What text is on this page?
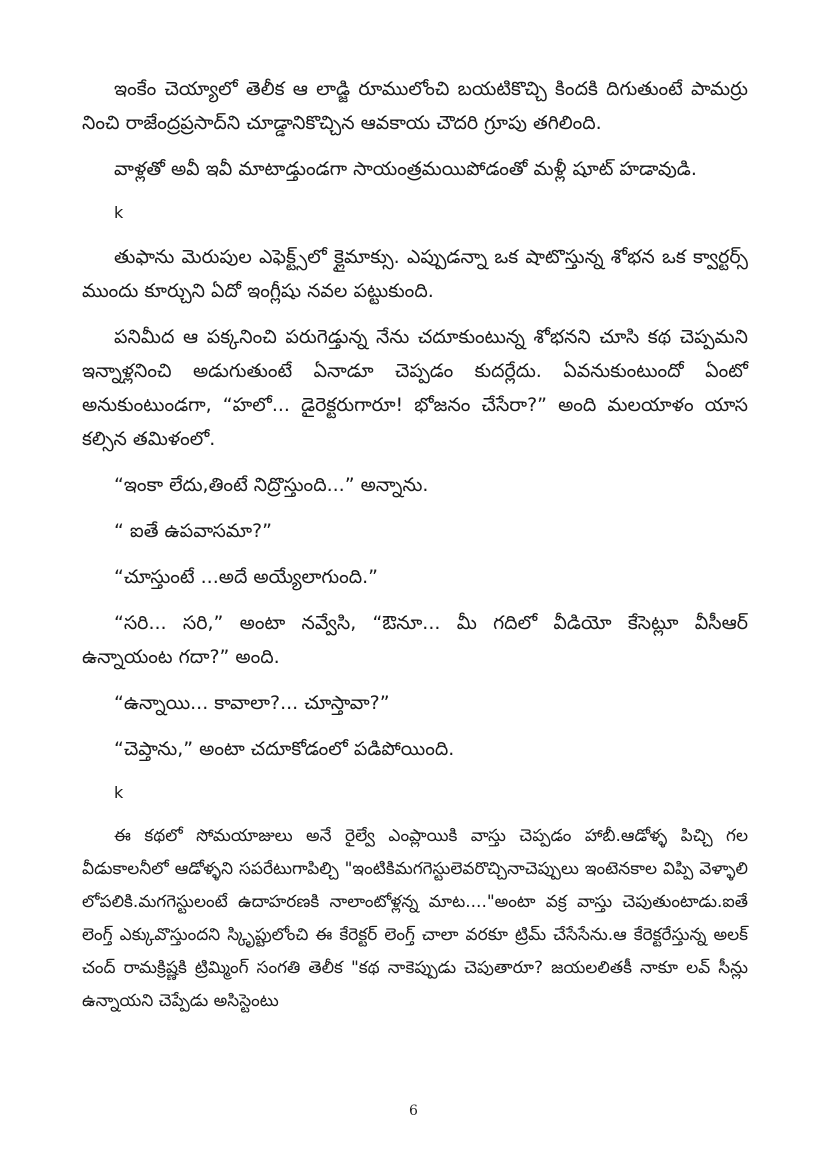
ఇంకేం చెయ్యాలో తెలీక ఆ లాడ్జి రూములోంచి బయటికొచ్చి కిందకి దిగుతుంటే పామర్రు నించి రాజేంద్రప్రసాద్‌ని చూడ్డానికొచ్చిన ఆవకాయ చౌదరి గ్రూపు తగిలింది.

వాళ్లతో అవీ ఇవీ మాటాడ్తుండగా సాయంత్రమయిపోడంతో మళ్లీ షూట్ హడావుడి.

k

తుఫాను మెరుపుల ఎఫెక్ట్స్‌లో క్లైమాక్సు. ఎప్పుడన్నా ఒక షాటొస్తున్న శోభన ఒక క్వార్టర్స్ ముందు కూర్చుని ఏదో ఇంగ్లీషు నవల పట్టుకుంది.

పనిమీద ఆ పక్కనించి పరుగెడ్తున్న నేను చదూకుంటున్న శోభనని చూసి కథ చెప్పమని ఇన్నాళ్లనించి అడుగుతుంటే ఏనాడూ చెప్పడం కుదర్లేదు. ఏవనుకుంటుందో ఏంటో అనుకుంటుండగా, “హలో... డైరెక్టరుగారూ! భోజనం చేసేరా?” అంది మలయాళం యాస కల్సిన తమిళంలో.

“ఇంకా లేదు,తింటే నిద్రొస్తుంది...” అన్నాను.

“ ఐతే ఉపవాసమా?”

“చూస్తుంటే ...అదే అయ్యేలాగుంది.”

“సరి... సరి,” అంటా నవ్వేసి, “ఔనూ... మీ గదిలో వీడియో కేసెట్లూ వీసీఆర్ ఉన్నాయంట గదా?” అంది.

“ఉన్నాయి... కావాలా?... చూస్తావా?”

“చెప్తాను,” అంటా చదూకోడంలో పడిపోయింది.

k

ఈ కథలో సోమయాజులు అనే రైల్వే ఎంప్లాయికి వాస్తు చెప్పడం హాబీ.ఆడోళ్ళ పిచ్చి గల వీడుకాలనీలో ఆడోళ్ళని సపరేటుగాపిల్చి "ఇంటికిమగగెస్టులెవరొచ్చినాచెప్పులు ఇంటెనకాల విప్పి వెళ్ళాలి లోపలికి.మగగెస్టులంటే ఉదాహరణకి నాలాంటోళ్లన్న మాట...."అంటా వక్ర వాస్తు చెపుతుంటాడు.ఐతే లెంగ్త్ ఎక్కువొస్తుందని స్కిృప్టులోంచి ఈ కేరెక్టర్ లెంగ్త్ చాలా వరకూ ట్రిమ్ చేసేసేను.ఆ కేరెక్టరేస్తున్న అలక్ చంద్ రామక్రిష్ణకి ట్రిమ్మింగ్ సంగతి తెలీక "కథ నాకెప్పుడు చెపుతారూ? జయలలితకీ నాకూ లవ్ సీన్లు ఉన్నాయని చెప్పేడు అసిస్టెంటు

6
